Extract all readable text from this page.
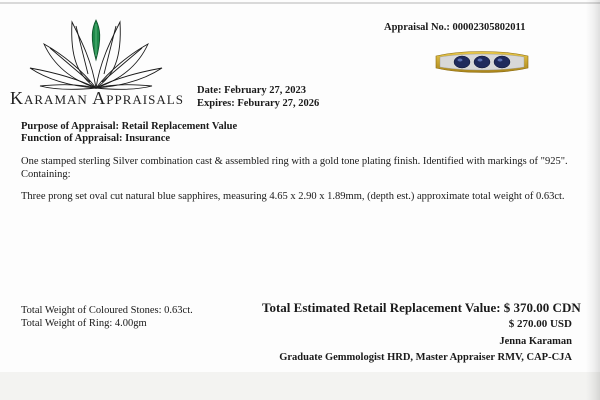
Karaman Appraisals
Appraisal No.: 00002305802011
Date: February 27, 2023
Expires: Feburary 27, 2026
Purpose of Appraisal: Retail Replacement Value
Function of Appraisal: Insurance
One stamped sterling Silver combination cast & assembled ring with a gold tone plating finish. Identified with markings of "925".
Containing:
Three prong set oval cut natural blue sapphires, measuring 4.65 x 2.90 x 1.89mm, (depth est.) approximate total weight of 0.63ct.
Total Weight of Coloured Stones: 0.63ct.
Total Weight of Ring: 4.00gm
Total Estimated Retail Replacement Value: $ 370.00 CDN
$ 270.00 USD
Jenna Karaman
Graduate Gemmologist HRD, Master Appraiser RMV, CAP-CJA
